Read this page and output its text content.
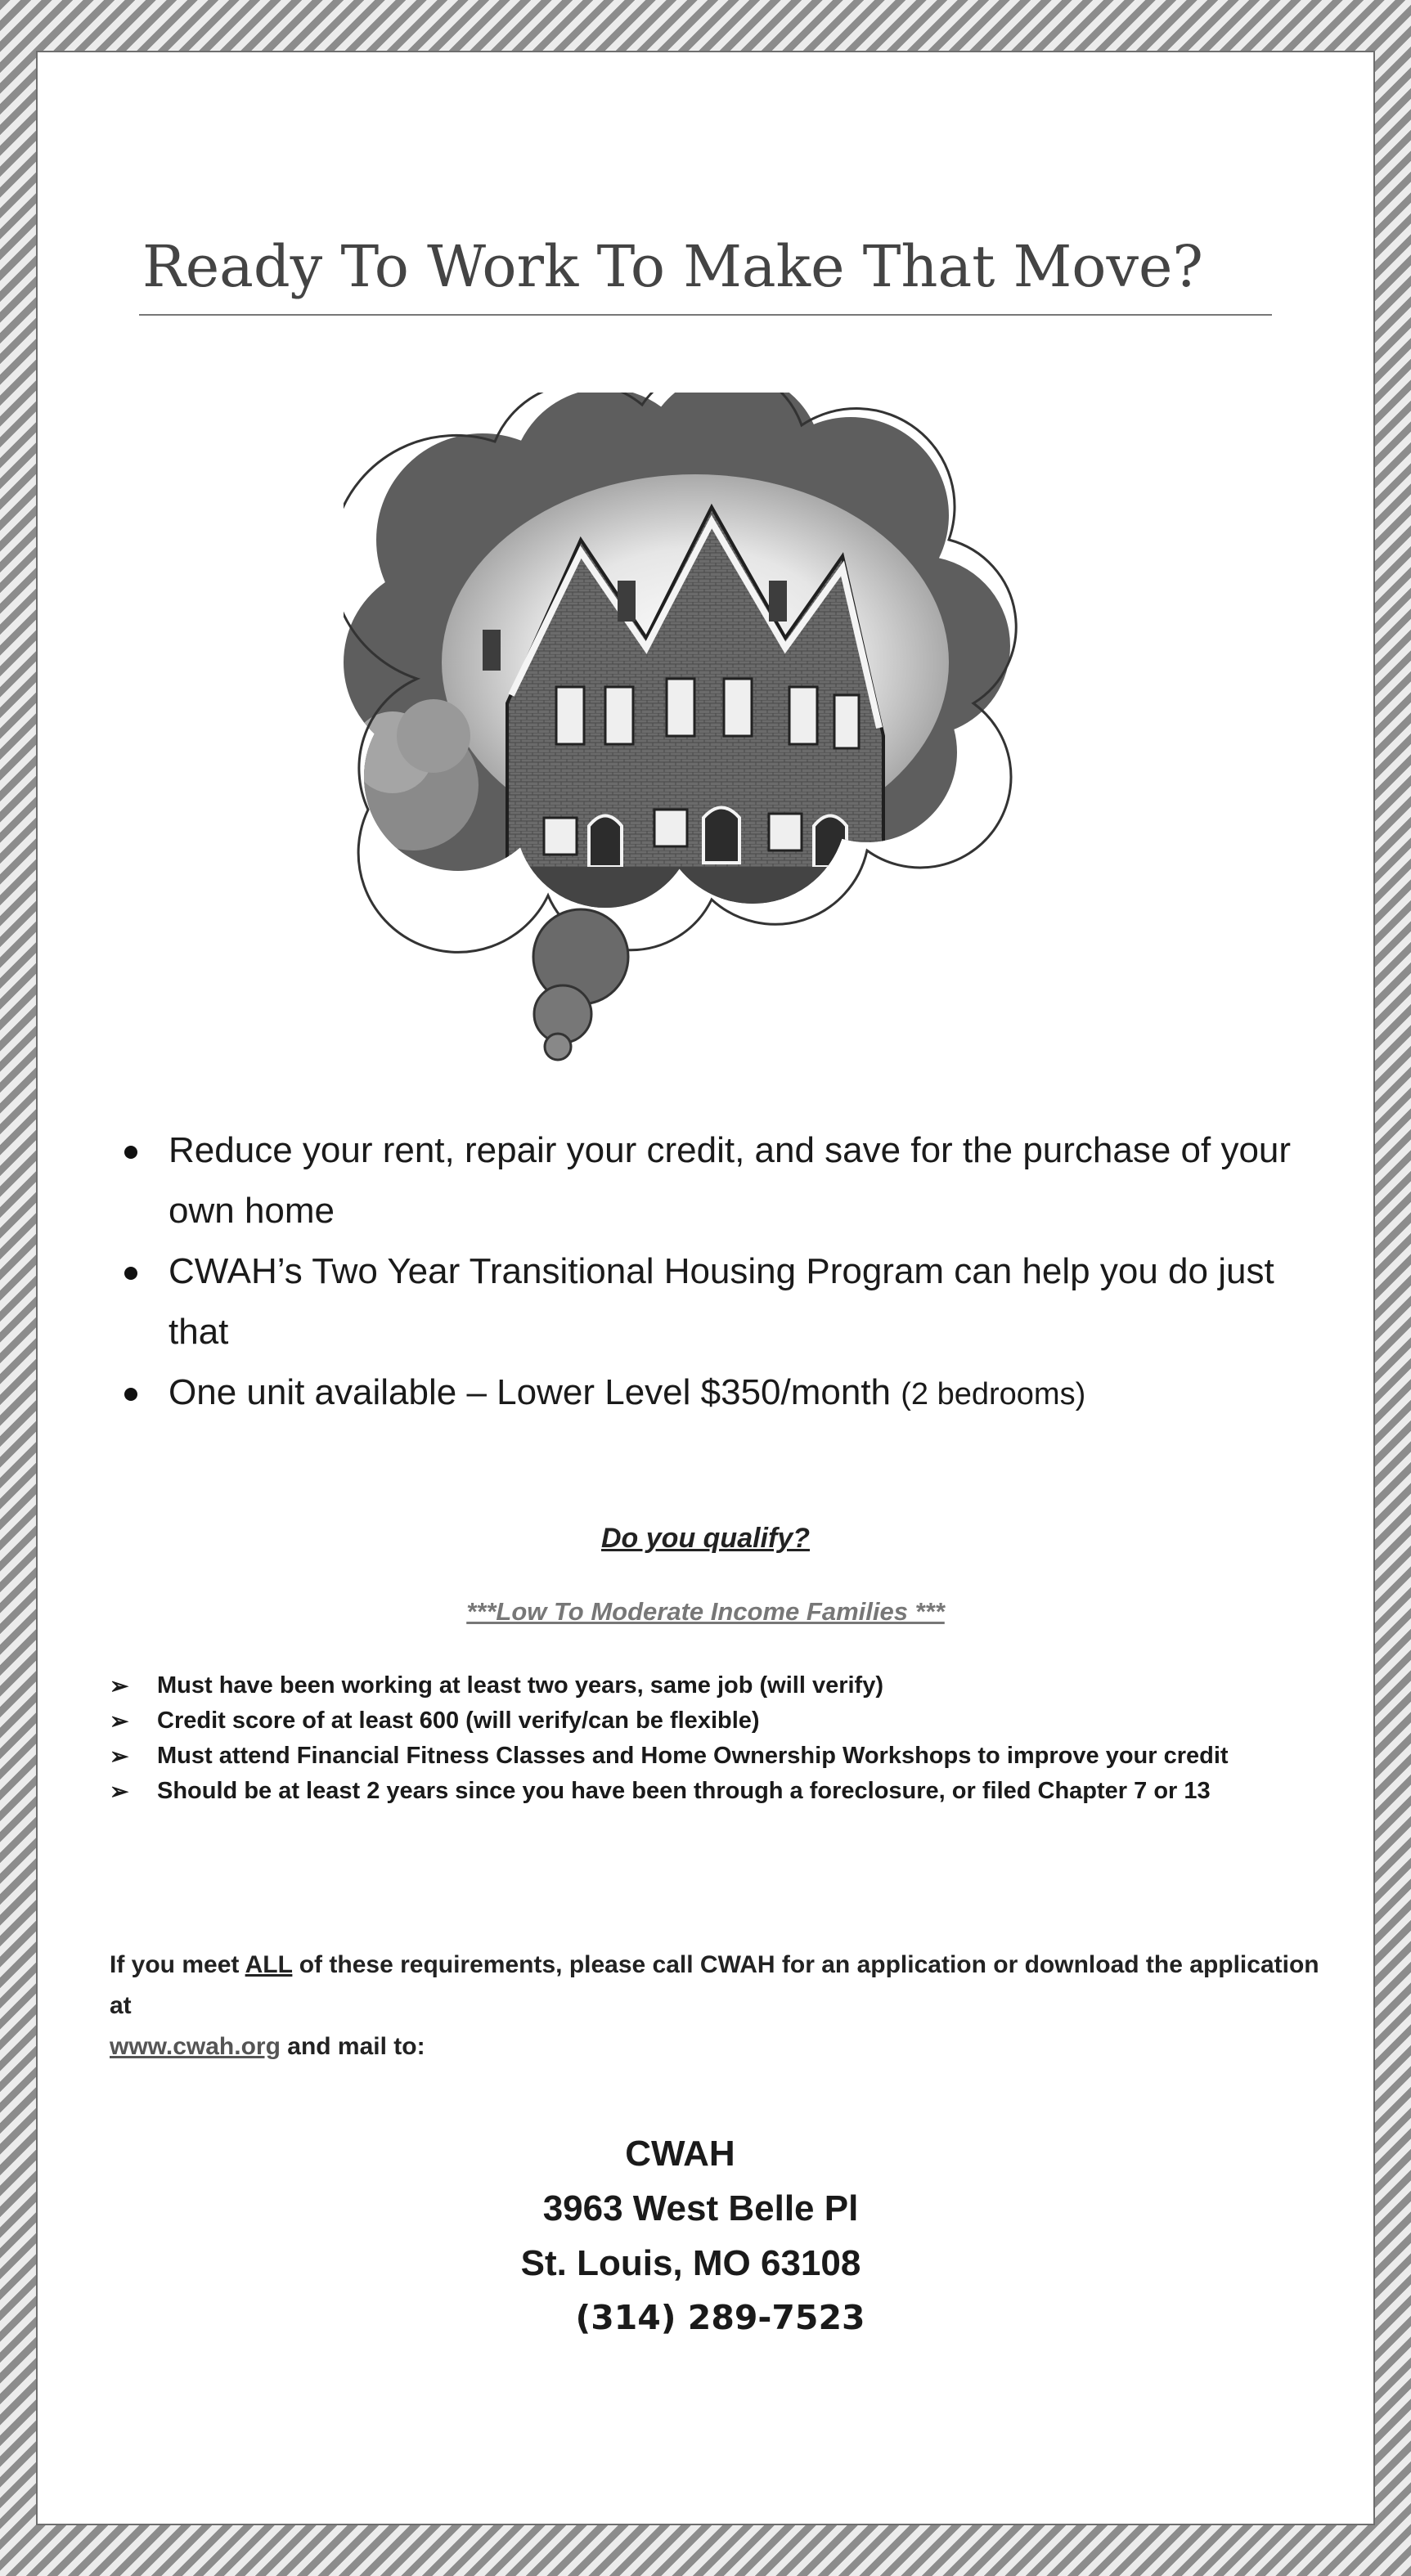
Ready To Work To Make That Move?
Reduce your rent, repair your credit, and save for the purchase of your own home
CWAH’s Two Year Transitional Housing Program can help you do just that
One unit available – Lower Level $350/month (2 bedrooms)
Do you qualify?
***Low To Moderate Income Families ***
➢	Must have been working at least two years, same job (will verify)
➢	Credit score of at least 600 (will verify/can be flexible)
➢	Must attend Financial Fitness Classes and Home Ownership Workshops to improve your credit
➢	Should be at least 2 years since you have been through a foreclosure, or filed Chapter 7 or 13
If you meet ALL of these requirements, please call CWAH for an application or download the application at
www.cwah.org and mail to:
CWAH
3963 West Belle Pl
St. Louis, MO 63108
(314) 289-7523
